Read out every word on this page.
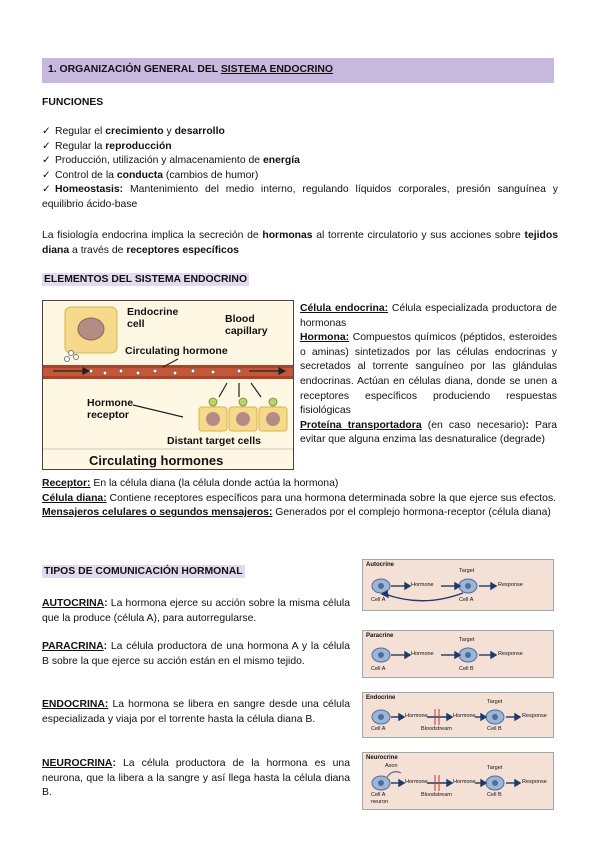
1. ORGANIZACIÓN GENERAL DEL SISTEMA ENDOCRINO
FUNCIONES
✓ Regular el crecimiento y desarrollo
✓ Regular la reproducción
✓ Producción, utilización y almacenamiento de energía
✓ Control de la conducta (cambios de humor)
✓ Homeostasis: Mantenimiento del medio interno, regulando líquidos corporales, presión sanguínea y equilibrio ácido-base
La fisiología endocrina implica la secreción de hormonas al torrente circulatorio y sus acciones sobre tejidos diana a través de receptores específicos
ELEMENTOS DEL SISTEMA ENDOCRINO
Endocrine cell	Blood capillary
Circulating hormone
Hormone receptor
Distant target cells
Circulating hormones
Célula endocrina: Célula especializada productora de hormonas
Hormona: Compuestos químicos (péptidos, esteroides o aminas) sintetizados por las células endocrinas y secretados al torrente sanguíneo por las glándulas endocrinas. Actúan en células diana, donde se unen a receptores específicos produciendo respuestas fisiológicas
Proteína transportadora (en caso necesario): Para evitar que alguna enzima las desnaturalice (degrade)
Receptor: En la célula diana (la célula donde actúa la hormona)
Célula diana: Contiene receptores específicos para una hormona determinada sobre la que ejerce sus efectos.
Mensajeros celulares o segundos mensajeros: Generados por el complejo hormona-receptor (célula diana)
TIPOS DE COMUNICACIÓN HORMONAL
AUTOCRINA: La hormona ejerce su acción sobre la misma célula que la produce (célula A), para autorregularse.
PARACRINA: La célula productora de una hormona A y la célula B sobre la que ejerce su acción están en el mismo tejido.
ENDOCRINA: La hormona se libera en sangre desde una célula especializada y viaja por el torrente hasta la célula diana B.
NEUROCRINA: La célula productora de la hormona es una neurona, que la libera a la sangre y así llega hasta la célula diana B.
Autocrine
Hormone
Target
Response
Cell A	Cell A
Paracrine
Hormone
Target
Response
Cell A	Cell B
Endocrine
Hormone	Hormone
Bloodstream
Target
Response
Cell A	Cell B
Neurocrine
Axon
Hormone	Hormone
Bloodstream
Target
Response
Cell A
neuron
Cell B
